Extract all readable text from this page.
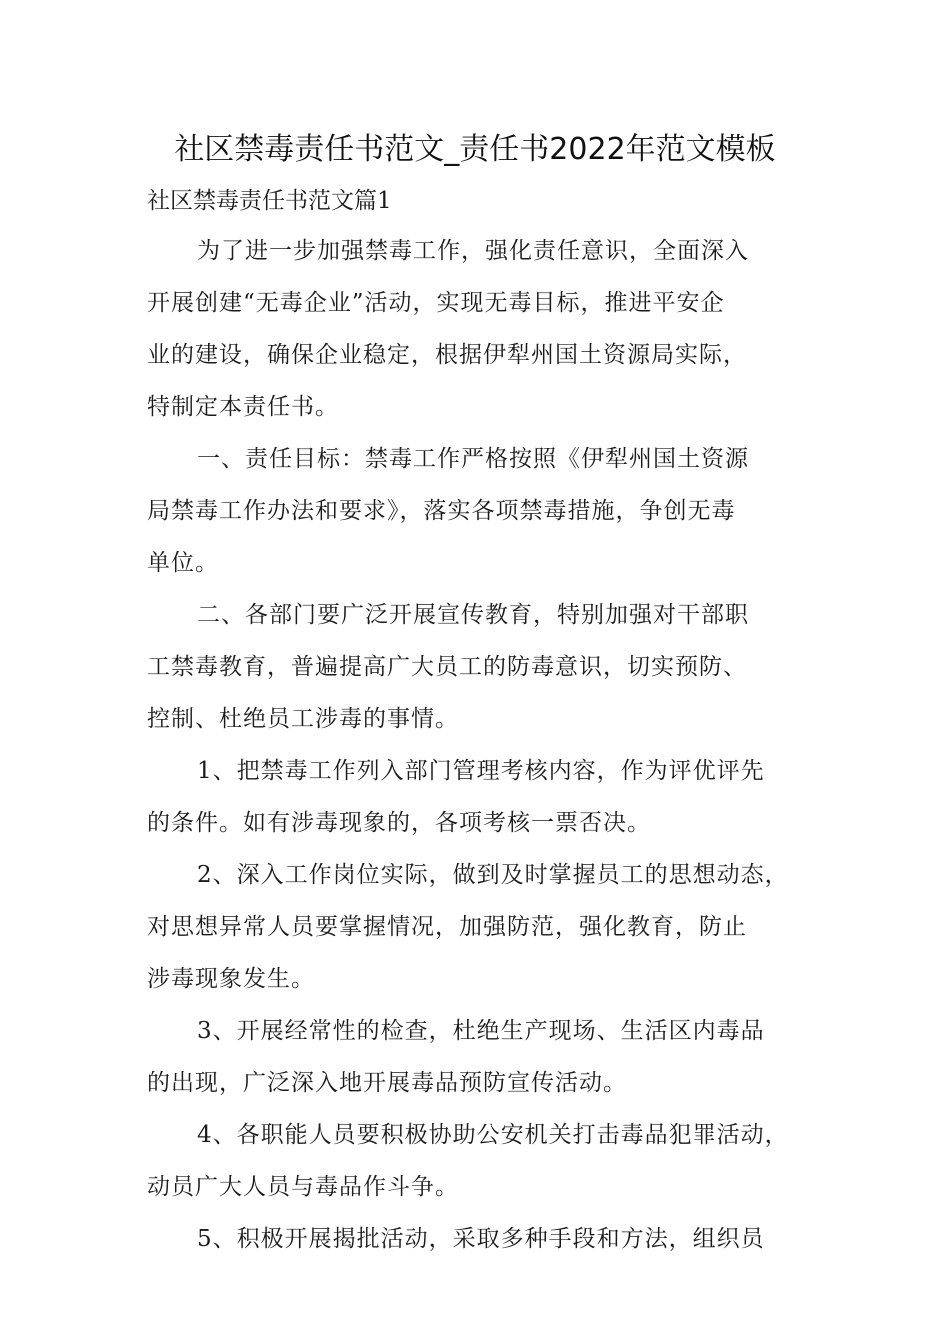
社区禁毒责任书范文_责任书2022年范文模板
社区禁毒责任书范文篇1

为了进一步加强禁毒工作，强化责任意识，全面深入
开展创建“无毒企业”活动，实现无毒目标，推进平安企
业的建设，确保企业稳定，根据伊犁州国土资源局实际，
特制定本责任书。

一、责任目标：禁毒工作严格按照《伊犁州国土资源
局禁毒工作办法和要求》，落实各项禁毒措施，争创无毒
单位。

二、各部门要广泛开展宣传教育，特别加强对干部职
工禁毒教育，普遍提高广大员工的防毒意识，切实预防、
控制、杜绝员工涉毒的事情。

1、把禁毒工作列入部门管理考核内容，作为评优评先
的条件。如有涉毒现象的，各项考核一票否决。

2、深入工作岗位实际，做到及时掌握员工的思想动态，
对思想异常人员要掌握情况，加强防范，强化教育，防止
涉毒现象发生。

3、开展经常性的检查，杜绝生产现场、生活区内毒品
的出现，广泛深入地开展毒品预防宣传活动。

4、各职能人员要积极协助公安机关打击毒品犯罪活动，
动员广大人员与毒品作斗争。

5、积极开展揭批活动，采取多种手段和方法，组织员
